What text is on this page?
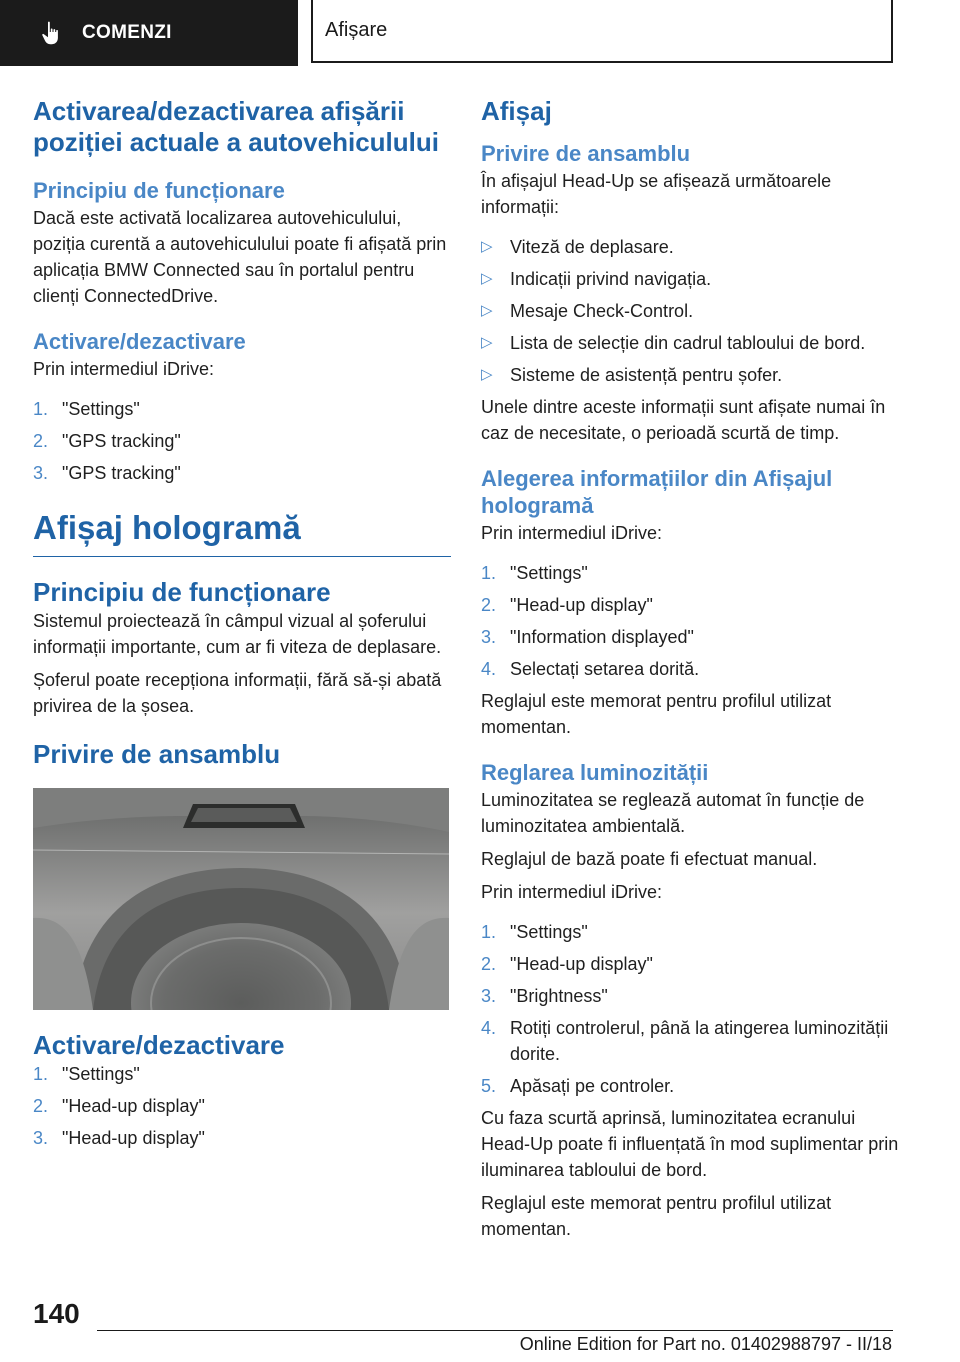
COMENZI	Afișare
Activarea/dezactivarea afișării poziției actuale a autovehiculului
Principiu de funcționare

Dacă este activată localizarea autovehiculului, poziția curentă a autovehiculului poate fi afișată prin aplicația BMW Connected sau în portalul pentru clienți ConnectedDrive.

Activare/dezactivare

Prin intermediul iDrive:

1. "Settings"
2. "GPS tracking"
3. "GPS tracking"
Afișaj hologramă
Principiu de funcționare

Sistemul proiectează în câmpul vizual al șoferului informații importante, cum ar fi viteza de deplasare.

Șoferul poate recepționa informații, fără să-și abată privirea de la șosea.

Privire de ansamblu
Activare/dezactivare
1. "Settings"
2. "Head-up display"
3. "Head-up display"
Afișaj
Privire de ansamblu

În afișajul Head-Up se afișează următoarele informații:

▷ Viteză de deplasare.
▷ Indicații privind navigația.
▷ Mesaje Check-Control.
▷ Lista de selecție din cadrul tabloului de bord.
▷ Sisteme de asistență pentru șofer.

Unele dintre aceste informații sunt afișate numai în caz de necesitate, o perioadă scurtă de timp.

Alegerea informațiilor din Afișajul hologramă

Prin intermediul iDrive:

1. "Settings"
2. "Head-up display"
3. "Information displayed"
4. Selectați setarea dorită.

Reglajul este memorat pentru profilul utilizat momentan.

Reglarea luminozității

Luminozitatea se reglează automat în funcție de luminozitatea ambientală.

Reglajul de bază poate fi efectuat manual.

Prin intermediul iDrive:

1. "Settings"
2. "Head-up display"
3. "Brightness"
4. Rotiți controlerul, până la atingerea luminozității dorite.
5. Apăsați pe controler.

Cu faza scurtă aprinsă, luminozitatea ecranului Head-Up poate fi influențată în mod suplimentar prin iluminarea tabloului de bord.

Reglajul este memorat pentru profilul utilizat momentan.

140
Online Edition for Part no. 01402988797 - II/18
